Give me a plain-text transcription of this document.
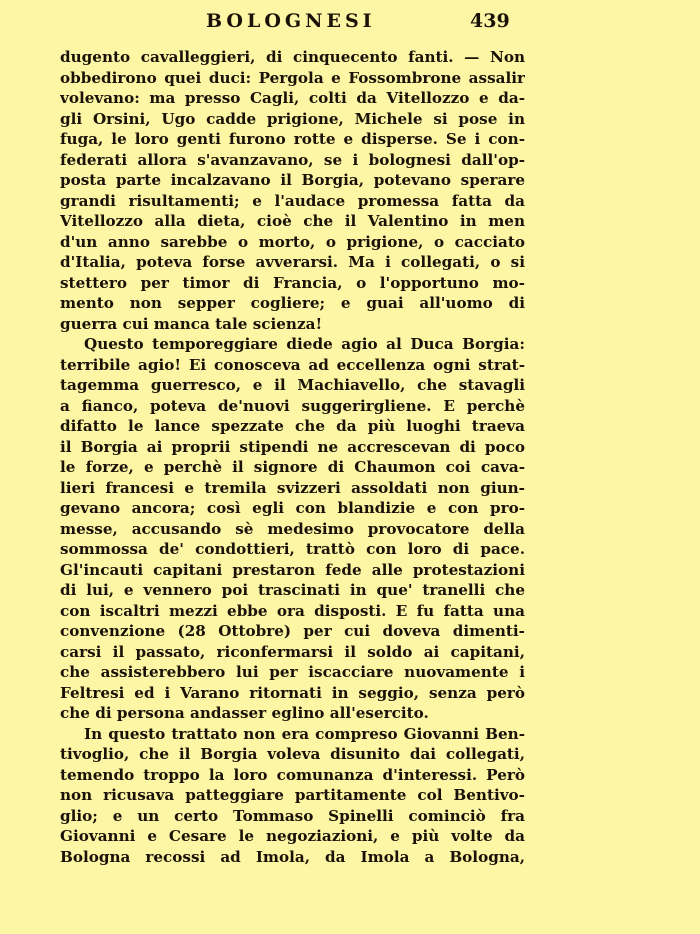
BOLOGNESI	439
dugento cavalleggieri, di cinquecento fanti. — Non
obbedirono quei duci: Pergola e Fossombrone assalir
volevano: ma presso Cagli, colti da Vitellozzo e da-
gli Orsini, Ugo cadde prigione, Michele si pose in
fuga, le loro genti furono rotte e disperse. Se i con-
federati allora s'avanzavano, se i bolognesi dall'op-
posta parte incalzavano il Borgia, potevano sperare
grandi risultamenti; e l'audace promessa fatta da
Vitellozzo alla dieta, cioè che il Valentino in men
d'un anno sarebbe o morto, o prigione, o cacciato
d'Italia, poteva forse avverarsi. Ma i collegati, o si
stettero per timor di Francia, o l'opportuno mo-
mento non sepper cogliere; e guai all'uomo di
guerra cui manca tale scienza!
Questo temporeggiare diede agio al Duca Borgia:
terribile agio! Ei conosceva ad eccellenza ogni strat-
tagemma guerresco, e il Machiavello, che stavagli
a fianco, poteva de'nuovi suggerirgliene. E perchè
difatto le lance spezzate che da più luoghi traeva
il Borgia ai proprii stipendi ne accrescevan di poco
le forze, e perchè il signore di Chaumon coi cava-
lieri francesi e tremila svizzeri assoldati non giun-
gevano ancora; così egli con blandizie e con pro-
messe, accusando sè medesimo provocatore della
sommossa de' condottieri, trattò con loro di pace.
Gl'incauti capitani prestaron fede alle protestazioni
di lui, e vennero poi trascinati in que' tranelli che
con iscaltri mezzi ebbe ora disposti. E fu fatta una
convenzione (28 Ottobre) per cui doveva dimenti-
carsi il passato, riconfermarsi il soldo ai capitani,
che assisterebbero lui per iscacciare nuovamente i
Feltresi ed i Varano ritornati in seggio, senza però
che di persona andasser eglino all'esercito.
In questo trattato non era compreso Giovanni Ben-
tivoglio, che il Borgia voleva disunito dai collegati,
temendo troppo la loro comunanza d'interessi. Però
non ricusava patteggiare partitamente col Bentivo-
glio; e un certo Tommaso Spinelli cominciò fra
Giovanni e Cesare le negoziazioni, e più volte da
Bologna recossi ad Imola, da Imola a Bologna,
